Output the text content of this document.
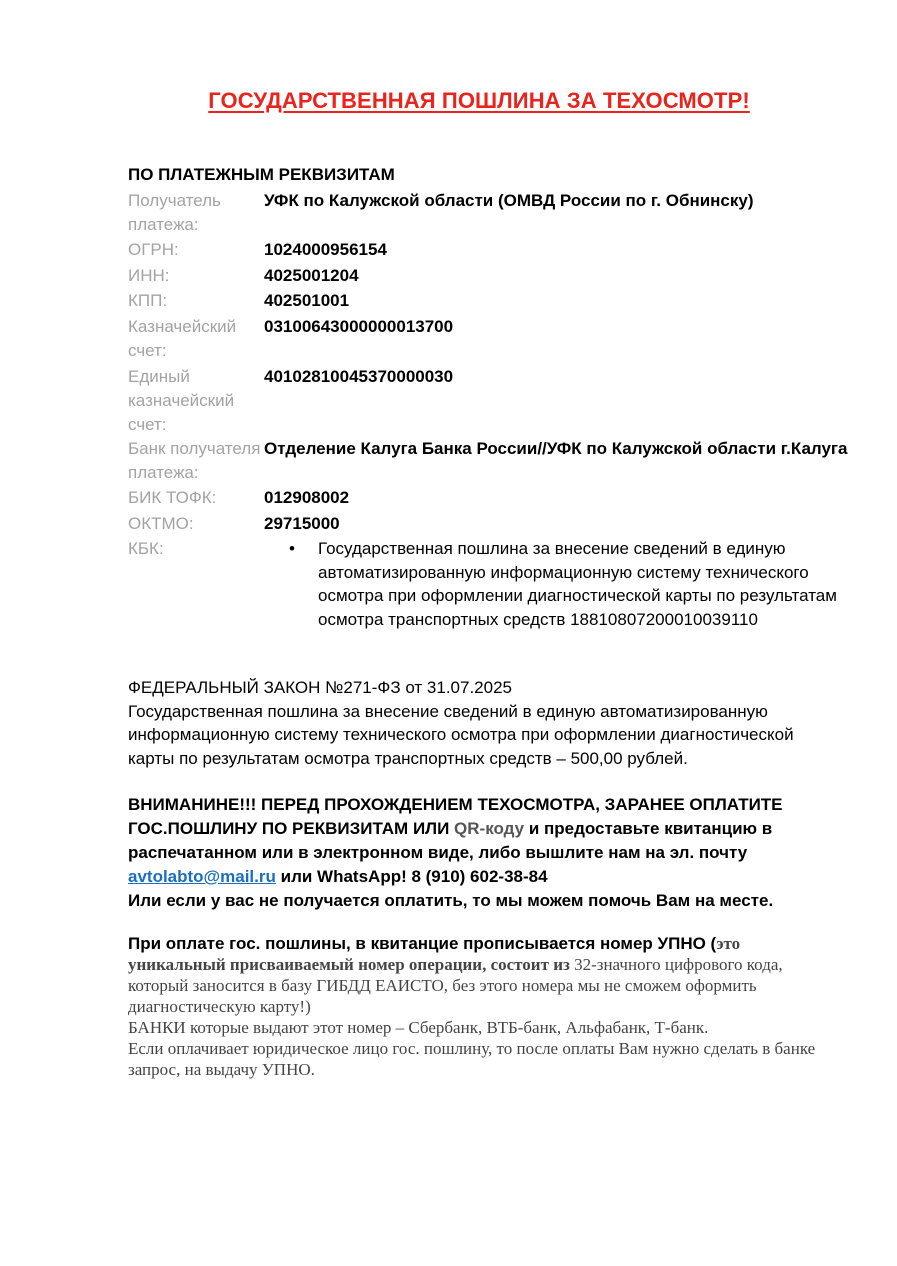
ГОСУДАРСТВЕННАЯ ПОШЛИНА ЗА ТЕХОСМОТР!
ПО ПЛАТЕЖНЫМ РЕКВИЗИТАМ
Получатель платежа:
УФК по Калужской области (ОМВД России по г. Обнинску)
ОГРН:	1024000956154
ИНН:	4025001204
КПП:	402501001
Казначейский счет:
03100643000000013700
Единый казначейский счет:
40102810045370000030
Банк получателя платежа:
Отделение Калуга Банка России//УФК по Калужской области г.Калуга
БИК ТОФК:	012908002
ОКТМО:	29715000
КБК:	• Государственная пошлина за внесение сведений в единую автоматизированную информационную систему технического осмотра при оформлении диагностической карты по результатам осмотра транспортных средств 18810807200010039110
ФЕДЕРАЛЬНЫЙ ЗАКОН №271-ФЗ от 31.07.2025
Государственная пошлина за внесение сведений в единую автоматизированную информационную систему технического осмотра при оформлении диагностической карты по результатам осмотра транспортных средств – 500,00 рублей.
ВНИМАНИНЕ!!! ПЕРЕД ПРОХОЖДЕНИЕМ ТЕХОСМОТРА, ЗАРАНЕЕ ОПЛАТИТЕ ГОС.ПОШЛИНУ ПО РЕКВИЗИТАМ ИЛИ QR-коду и предоставьте квитанцию в распечатанном или в электронном виде, либо вышлите нам на эл. почту
avtolabto@mail.ru или WhatsApp! 8 (910) 602-38-84
Или если у вас не получается оплатить, то мы можем помочь Вам на месте.
При оплате гос. пошлины, в квитанцие прописывается номер УПНО (это уникальный присваиваемый номер операции, состоит из 32-значного цифрового кода, который заносится в базу ГИБДД ЕАИСТО, без этого номера мы не сможем оформить диагностическую карту!)
БАНКИ которые выдают этот номер – Сбербанк, ВТБ-банк, Альфабанк, Т-банк.
Если оплачивает юридическое лицо гос. пошлину, то после оплаты Вам нужно сделать в банке запрос, на выдачу УПНО.
